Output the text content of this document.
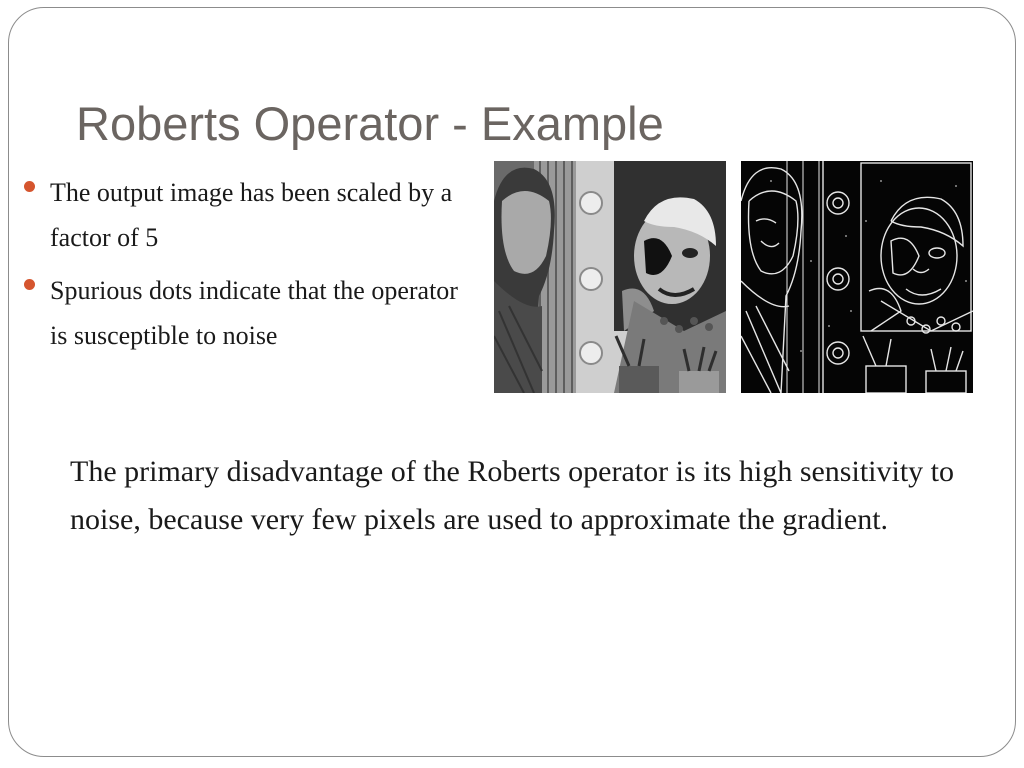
Roberts Operator - Example
The output image has been scaled by a factor of 5
Spurious dots indicate that the operator is susceptible to noise
The primary disadvantage of the Roberts operator is its high sensitivity to noise, because very few pixels are used to approximate the gradient.
